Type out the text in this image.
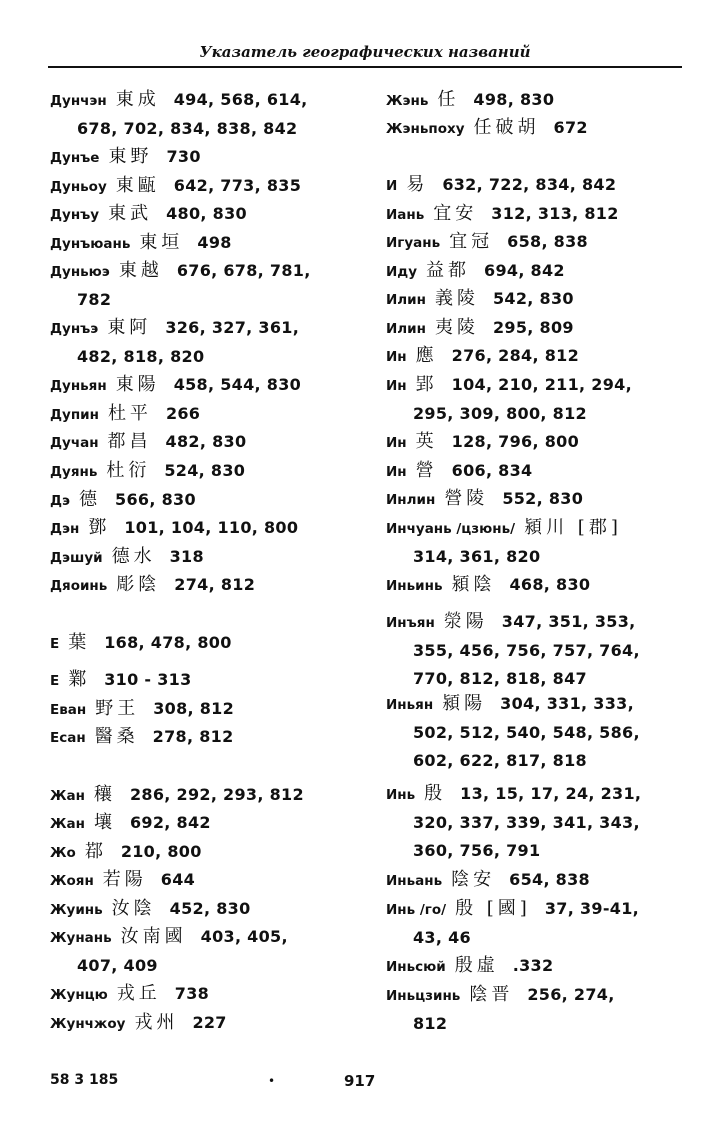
Указатель географических названий
Дунчэн 東成 494, 568, 614,
678, 702, 834, 838, 842
Дунъе 東野 730
Дуньоу 東甌 642, 773, 835
Дунъу 東武 480, 830
Дунъюань 東垣 498
Дуньюэ 東越 676, 678, 781,
782
Дунъэ 東阿 326, 327, 361,
482, 818, 820
Дуньян 東陽 458, 544, 830
Дупин 杜平 266
Дучан 都昌 482, 830
Дуянь 杜衍 524, 830
Дэ 德 566, 830
Дэн 鄧 101, 104, 110, 800
Дэшуй 德水 318
Дяоинь 彫陰 274, 812
Е 葉 168, 478, 800
Е 鄴 310 - 313
Еван 野王 308, 812
Есан 醫桑 278, 812
Жан 穰 286, 292, 293, 812
Жан 壤 692, 842
Жо 鄀 210, 800
Жоян 若陽 644
Жуинь 汝陰 452, 830
Жунань 汝南國 403, 405,
407, 409
Жунцю 戎丘 738
Жунчжоу 戎州 227
Жэнь 任 498, 830
Жэньпоху 任破胡 672
И 易 632, 722, 834, 842
Иань 宜安 312, 313, 812
Игуань 宜冠 658, 838
Иду 益都 694, 842
Илин 義陵 542, 830
Илин 夷陵 295, 809
Ин 應 276, 284, 812
Ин 郢 104, 210, 211, 294,
295, 309, 800, 812
Ин 英 128, 796, 800
Ин 營 606, 834
Инлин 營陵 552, 830
Инчуань /цзюнь/ 潁川 [郡]
314, 361, 820
Иньинь 潁陰 468, 830
Инъян 滎陽 347, 351, 353,
355, 456, 756, 757, 764,
770, 812, 818, 847
Иньян 潁陽 304, 331, 333,
502, 512, 540, 548, 586,
602, 622, 817, 818
Инь 殷 13, 15, 17, 24, 231,
320, 337, 339, 341, 343,
360, 756, 791
Иньань 陰安 654, 838
Инь /го/ 殷 [國] 37, 39-41,
43, 46
Иньсюй 殷虛 .332
Иньцзинь 陰晋 256, 274,
812
58 3 185	•	917
